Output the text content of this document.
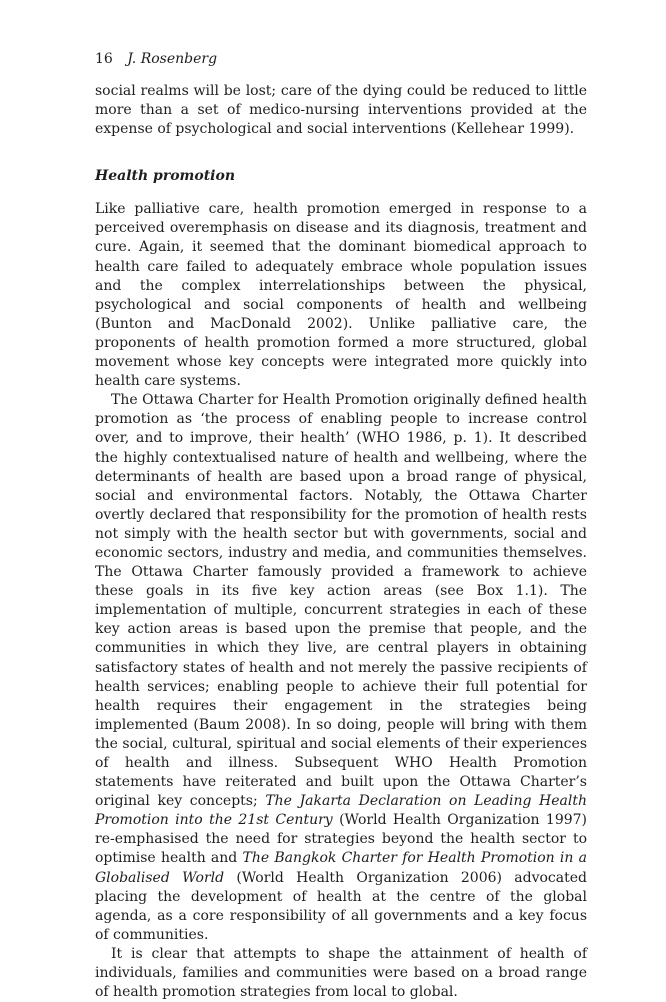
16 J. Rosenberg

social realms will be lost; care of the dying could be reduced to little more than a set of medico-nursing interventions provided at the expense of psychological and social interventions (Kellehear 1999).

Health promotion

Like palliative care, health promotion emerged in response to a perceived overemphasis on disease and its diagnosis, treatment and cure. Again, it seemed that the dominant biomedical approach to health care failed to adequately embrace whole population issues and the complex interrelationships between the physical, psychological and social components of health and wellbeing (Bunton and MacDonald 2002). Unlike palliative care, the proponents of health promotion formed a more structured, global movement whose key concepts were integrated more quickly into health care systems.

The Ottawa Charter for Health Promotion originally defined health promotion as ‘the process of enabling people to increase control over, and to improve, their health’ (WHO 1986, p. 1). It described the highly contextualised nature of health and wellbeing, where the determinants of health are based upon a broad range of physical, social and environmental factors. Notably, the Ottawa Charter overtly declared that responsibility for the promotion of health rests not simply with the health sector but with governments, social and economic sectors, industry and media, and communities themselves. The Ottawa Charter famously provided a framework to achieve these goals in its five key action areas (see Box 1.1). The implementation of multiple, concurrent strategies in each of these key action areas is based upon the premise that people, and the communities in which they live, are central players in obtaining satisfactory states of health and not merely the passive recipients of health services; enabling people to achieve their full potential for health requires their engagement in the strategies being implemented (Baum 2008). In so doing, people will bring with them the social, cultural, spiritual and social elements of their experiences of health and illness. Subsequent WHO Health Promotion statements have reiterated and built upon the Ottawa Charter’s original key concepts; The Jakarta Declaration on Leading Health Promotion into the 21st Century (World Health Organization 1997) re-emphasised the need for strategies beyond the health sector to optimise health and The Bangkok Charter for Health Promotion in a Globalised World (World Health Organization 2006) advocated placing the development of health at the centre of the global agenda, as a core responsibility of all governments and a key focus of communities.

It is clear that attempts to shape the attainment of health of individuals, families and communities were based on a broad range of health promotion strategies from local to global.
